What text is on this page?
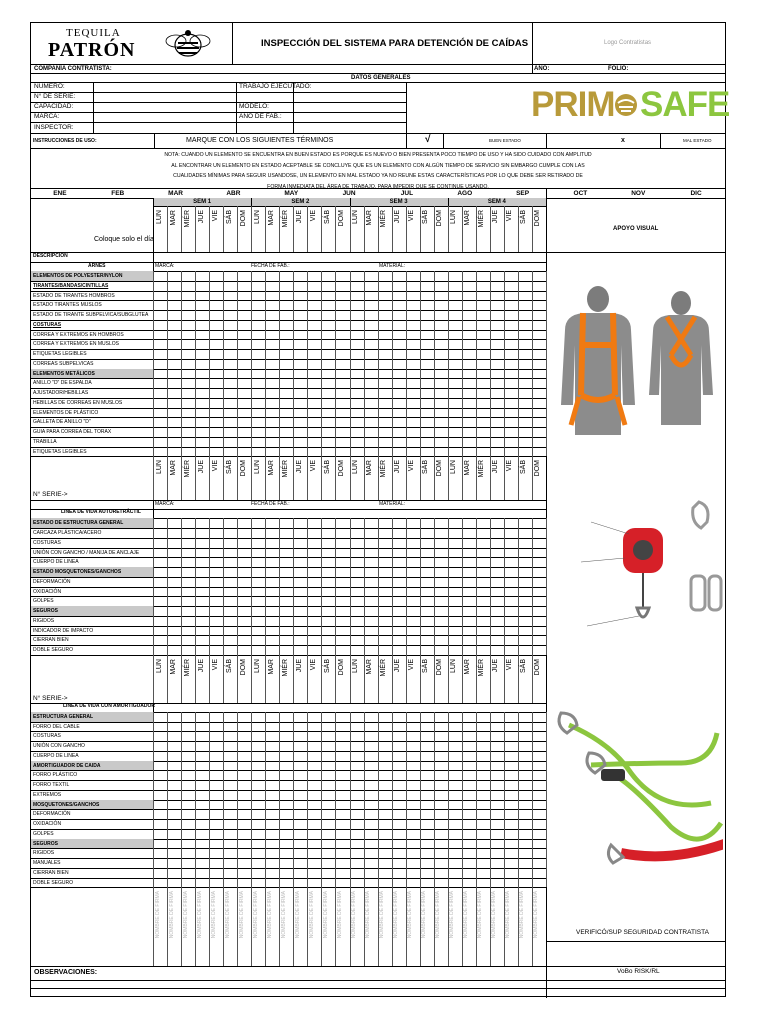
TEQUILA
PATRÓN	INSPECCIÓN DEL SISTEMA PARA DETENCIÓN DE CAÍDAS	Logo Contratistas
COMPAÑÍA CONTRATISTA:	AÑO:	FOLIO:
DATOS GENERALES
NUMERO:
N° DE SERIE:
CAPACIDAD:
MARCA:
INSPECTOR:
TRABAJO EJECUTADO:
MODELO:
AÑO DE FAB.:	PRIM SAFE
INSTRUCCIONES DE USO:	MARQUE CON LOS SIGUIENTES TÉRMINOS	√	BUEN ESTADO	x	MAL ESTADO
NOTA: CUANDO UN ELEMENTO SE ENCUENTRA EN BUEN ESTADO ES PORQUE ES NUEVO O BIEN PRESENTA POCO TIEMPO DE USO Y HA SIDO CUIDADO CON AMPLITUD
AL ENCONTRAR UN ELEMENTO EN ESTADO ACEPTABLE SE CONCLUYE QUE ES UN ELEMENTO CON ALGÚN TIEMPO DE SERVICIO SIN EMBARGO CUMPLE CON LAS
CUALIDADES MÍNIMAS PARA SEGUIR USANDOSE, UN ELEMENTO EN MAL ESTADO YA NO REUNE ESTAS CARACTERÍSTICAS POR LO QUE DEBE SER RETIRADO DE
FORMA INMEDIATA DEL ÁREA DE TRABAJO, PARA IMPEDIR QUE SE CONTINUE USANDO.
ENE	FEB	MAR	ABR	MAY	JUN	JUL	AGO	SEP	OCT	NOV	DIC
SEM 1	SEM 2	SEM 3	SEM 4
Coloque solo el día
LUN MAR MIÉR JUE VIE SÁB DOM LUN MAR MIÉR JUE VIE SÁB DOM LUN MAR MIÉR JUE VIE SÁB DOM LUN MAR MIÉR JUE VIE SÁB DOM
APOYO VISUAL
DESCRIPCIÓN
ARNÉS	MARCA:	FECHA DE FAB.:	MATERIAL:
ELEMENTOS DE POLYESTER/NYLON
TIRANTES/BANDAS/CINTILLAS
ESTADO DE TIRANTES HOMBROS
ESTADO TIRANTES MUSLOS
ESTADO DE TIRANTE SUBPELVICA/SUBGLUTEA
COSTURAS
CORREA Y EXTREMOS EN HOMBROS
CORREA Y EXTREMOS EN MUSLOS
ETIQUETAS LEGIBLES
CORREAS SUBPELVICAS
ELEMENTOS METÁLICOS
ANILLO "D" DE ESPALDA
AJUSTADOR/HEBILLAS
HEBILLAS DE CORREAS EN MUSLOS
ELEMENTOS DE PLÁSTICO
GALLETA DE ANILLO "D"
GUIA PARA CORREA DEL TORAX
TRABILLA
ETIQUETAS LEGIBLES
LUN MAR MIÉR JUE VIE SÁB DOM LUN MAR MIÉR JUE VIE SÁB DOM LUN MAR MIÉR JUE VIE SÁB DOM LUN MAR MIÉR JUE VIE SÁB DOM
N° SERIE->
MARCA:	FECHA DE FAB.:	MATERIAL:
LINEA DE VIDA AUTORETRÁCTIL
ESTADO DE ESTRUCTURA GENERAL
CARCAZA PLÁSTICA/ACERO
COSTURAS
UNIÓN CON GANCHO / MANIJA DE ANCLAJE
CUERPO DE LINEA
ESTADO MOSQUETONES/GANCHOS
DEFORMACIÓN
OXIDACIÓN
GOLPES
SEGUROS
RIGIDOS
INDICADOR DE IMPACTO
CIERRAN BIEN
DOBLE SEGURO
LUN MAR MIÉR JUE VIE SÁB DOM LUN MAR MIÉR JUE VIE SÁB DOM LUN MAR MIÉR JUE VIE SÁB DOM LUN MAR MIÉR JUE VIE SÁB DOM
N° SERIE->
LINEA DE VIDA CON AMORTIGUADOR
ESTRUCTURA GENERAL
FORRO DEL CABLE
COSTURAS
UNIÓN CON GANCHO
CUERPO DE LINEA
AMORTIGUADOR DE CAIDA
FORRO PLÁSTICO
FORRO TEXTIL
EXTREMOS
MOSQUETONES/GANCHOS
DEFORMACIÓN
OXIDACIÓN
GOLPES
SEGUROS
RIGIDOS
MANUALES
CIERRAN BIEN
DOBLE SEGURO
NOMBRE DE FIRMA NOMBRE DE FIRMA NOMBRE DE FIRMA NOMBRE DE FIRMA NOMBRE DE FIRMA NOMBRE DE FIRMA NOMBRE DE FIRMA NOMBRE DE FIRMA NOMBRE DE FIRMA NOMBRE DE FIRMA NOMBRE DE FIRMA NOMBRE DE FIRMA NOMBRE DE FIRMA NOMBRE DE FIRMA NOMBRE DE FIRMA NOMBRE DE FIRMA NOMBRE DE FIRMA NOMBRE DE FIRMA NOMBRE DE FIRMA NOMBRE DE FIRMA NOMBRE DE FIRMA NOMBRE DE FIRMA NOMBRE DE FIRMA NOMBRE DE FIRMA NOMBRE DE FIRMA NOMBRE DE FIRMA NOMBRE DE FIRMA NOMBRE DE FIRMA	VERIFICÓ/SUP SEGURIDAD CONTRATISTA
OBSERVACIONES:	VoBo RISK/RL
